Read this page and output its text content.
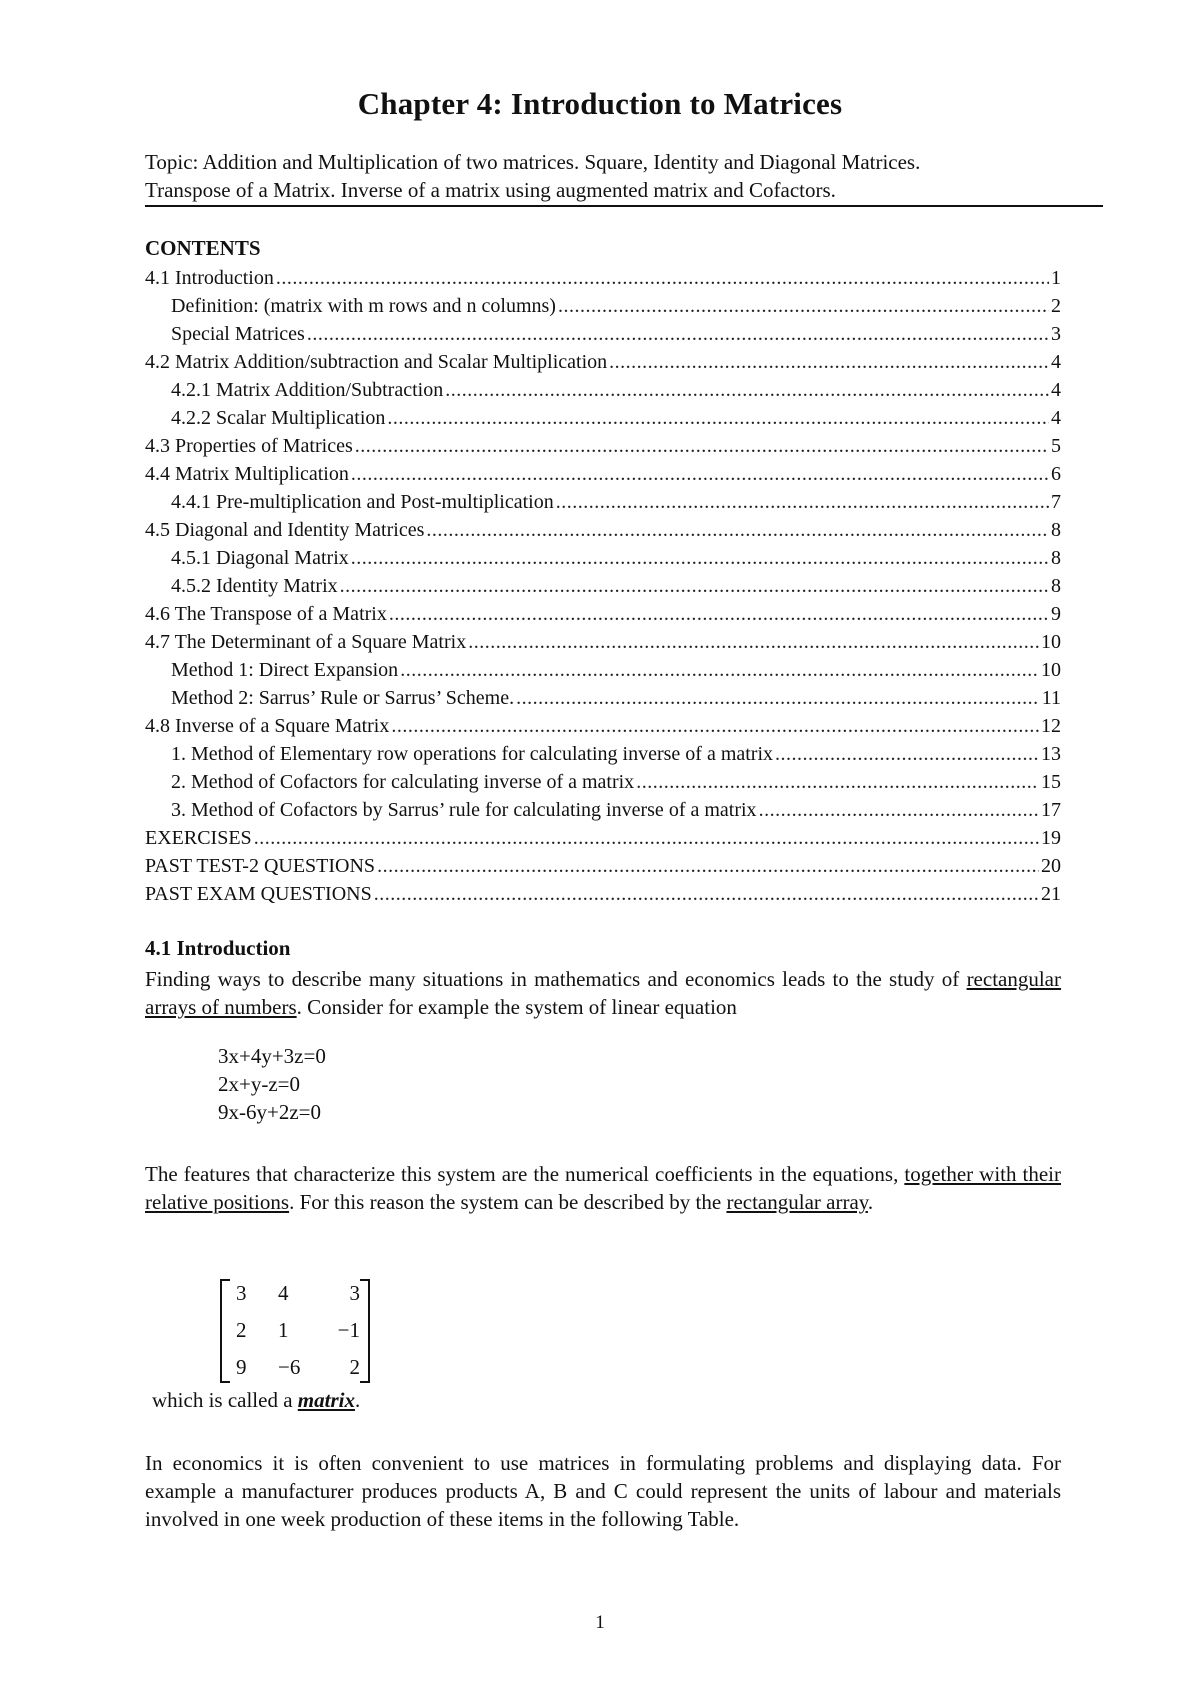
Chapter 4: Introduction to Matrices
Topic: Addition and Multiplication of two matrices. Square, Identity and Diagonal Matrices.
Transpose of a Matrix. Inverse of a matrix using augmented matrix and Cofactors.
CONTENTS
4.1 Introduction .....	1
Definition: (matrix with m rows and n columns) .....	2
Special Matrices .....	3
4.2 Matrix Addition/subtraction and Scalar Multiplication .....	4
4.2.1 Matrix Addition/Subtraction .....	4
4.2.2 Scalar Multiplication .....	4
4.3 Properties of Matrices .....	5
4.4 Matrix Multiplication .....	6
4.4.1 Pre-multiplication and Post-multiplication .....	7
4.5 Diagonal and Identity Matrices .....	8
4.5.1 Diagonal Matrix .....	8
4.5.2 Identity Matrix .....	8
4.6 The Transpose of a Matrix .....	9
4.7 The Determinant of a Square Matrix .....	10
Method 1: Direct Expansion .....	10
Method 2: Sarrus’ Rule or Sarrus’ Scheme. .....	11
4.8 Inverse of a Square Matrix .....	12
1. Method of Elementary row operations for calculating inverse of a matrix .....	13
2. Method of Cofactors for calculating inverse of a matrix .....	15
3. Method of Cofactors by Sarrus’ rule for calculating inverse of a matrix .....	17
EXERCISES .....	19
PAST TEST-2 QUESTIONS .....	20
PAST EXAM QUESTIONS .....	21
4.1 Introduction
Finding ways to describe many situations in mathematics and economics leads to the study of rectangular arrays of numbers. Consider for example the system of linear equation
3x+4y+3z=0
2x+y-z=0
9x-6y+2z=0
The features that characterize this system are the numerical coefficients in the equations, together with their relative positions. For this reason the system can be described by the rectangular array.
3	4	3
2	1	−1
9	−6	2
which is called a matrix.
In economics it is often convenient to use matrices in formulating problems and displaying data. For example a manufacturer produces products A, B and C could represent the units of labour and materials involved in one week production of these items in the following Table.
1
